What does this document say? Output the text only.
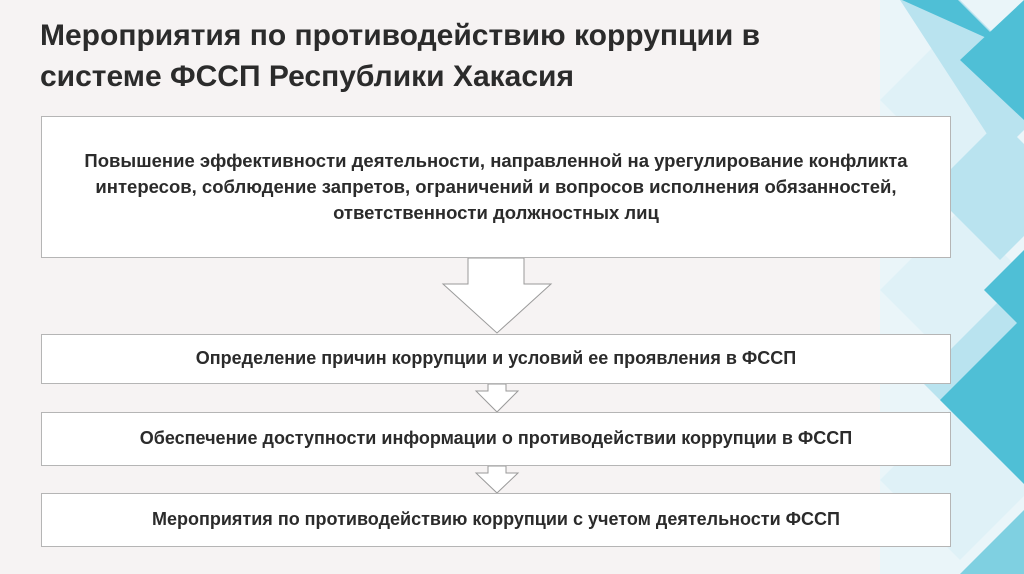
Мероприятия по противодействию коррупции в системе ФССП Республики Хакасия
Повышение эффективности деятельности, направленной на урегулирование конфликта интересов, соблюдение запретов, ограничений и вопросов исполнения обязанностей, ответственности должностных лиц
Определение причин коррупции и условий ее проявления в ФССП
Обеспечение доступности информации о противодействии коррупции в ФССП
Мероприятия по противодействию коррупции с учетом деятельности ФССП
